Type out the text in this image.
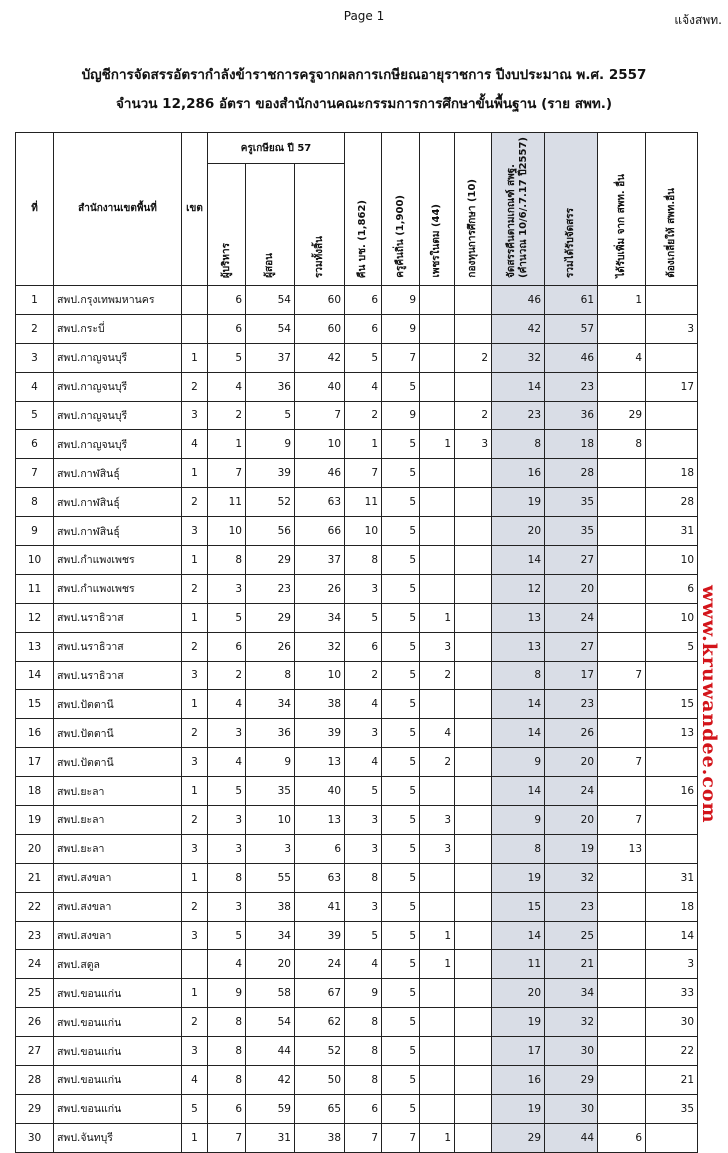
Page 1	แจ้งสพท.
บัญชีการจัดสรรอัตรากำลังข้าราชการครูจากผลการเกษียณอายุราชการ ปีงบประมาณ พ.ศ. 2557
จำนวน 12,286 อัตรา ของสำนักงานคณะกรรมการการศึกษาขั้นพื้นฐาน (ราย สพท.)
ที่	สำนักงานเขตพื้นที่	เขต	ครูเกษียณ ปี 57			คืน บช. (1,862)	ครูคืนถิ่น (1,900)	เพชรในตม (44)	กองทุนการศึกษา (10)	จัดสรรคืนตามเกณฑ์ สพฐ.(คำนวณ 10/6/.7.17 ปี2557)	รวมได้รับจัดสรร	ได้รับเพิ่ม จาก สพท. อื่น	ต้องเกลี่ยให้ สพท.อื่น
			ผู้บริหาร	ผู้สอน	รวมทั้งสิ้น								
1	สพป.กรุงเทพมหานคร		6	54	60	6	9			46	61	1	
2	สพป.กระบี่		6	54	60	6	9			42	57		3
3	สพป.กาญจนบุรี	1	5	37	42	5	7		2	32	46	4	
4	สพป.กาญจนบุรี	2	4	36	40	4	5			14	23		17
5	สพป.กาญจนบุรี	3	2	5	7	2	9		2	23	36	29	
6	สพป.กาญจนบุรี	4	1	9	10	1	5	1	3	8	18	8	
7	สพป.กาฬสินธุ์	1	7	39	46	7	5			16	28		18
8	สพป.กาฬสินธุ์	2	11	52	63	11	5			19	35		28
9	สพป.กาฬสินธุ์	3	10	56	66	10	5			20	35		31
10	สพป.กำแพงเพชร	1	8	29	37	8	5			14	27		10
11	สพป.กำแพงเพชร	2	3	23	26	3	5			12	20		6
12	สพป.นราธิวาส	1	5	29	34	5	5	1		13	24		10
13	สพป.นราธิวาส	2	6	26	32	6	5	3		13	27		5
14	สพป.นราธิวาส	3	2	8	10	2	5	2		8	17	7	
15	สพป.ปัตตานี	1	4	34	38	4	5			14	23		15
16	สพป.ปัตตานี	2	3	36	39	3	5	4		14	26		13
17	สพป.ปัตตานี	3	4	9	13	4	5	2		9	20	7	
18	สพป.ยะลา	1	5	35	40	5	5			14	24		16
19	สพป.ยะลา	2	3	10	13	3	5	3		9	20	7	
20	สพป.ยะลา	3	3	3	6	3	5	3		8	19	13	
21	สพป.สงขลา	1	8	55	63	8	5			19	32		31
22	สพป.สงขลา	2	3	38	41	3	5			15	23		18
23	สพป.สงขลา	3	5	34	39	5	5	1		14	25		14
24	สพป.สตูล		4	20	24	4	5	1		11	21		3
25	สพป.ขอนแก่น	1	9	58	67	9	5			20	34		33
26	สพป.ขอนแก่น	2	8	54	62	8	5			19	32		30
27	สพป.ขอนแก่น	3	8	44	52	8	5			17	30		22
28	สพป.ขอนแก่น	4	8	42	50	8	5			16	29		21
29	สพป.ขอนแก่น	5	6	59	65	6	5			19	30		35
30	สพป.จันทบุรี	1	7	31	38	7	7	1		29	44	6	
www.kruwandee.com
